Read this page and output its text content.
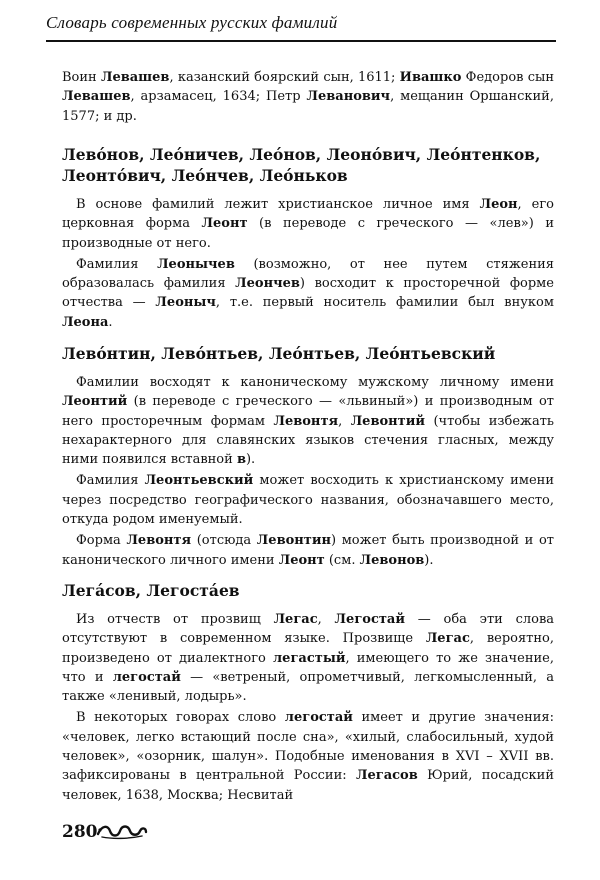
Словарь современных русских фамилий

Воин Левашев, казанский боярский сын, 1611; Ивашко Федоров сын Левашев, арзамасец, 1634; Петр Леванович, мещанин Оршанский, 1577; и др.

Лево́нов, Лео́ничев, Лео́нов, Леоно́вич, Лео́нтенков, Леонто́вич, Лео́нчев, Лео́ньков

В основе фамилий лежит христианское личное имя Леон, его церковная форма Леонт (в переводе с греческого — «лев») и производные от него.

Фамилия Леонычев (возможно, от нее путем стяжения образовалась фамилия Леончев) восходит к просторечной форме отчества — Леоныч, т.е. первый носитель фамилии был внуком Леона.

Лево́нтин, Лево́нтьев, Лео́нтьев, Лео́нтьевский

Фамилии восходят к каноническому мужскому личному имени Леонтий (в переводе с греческого — «львиный») и производным от него просторечным формам Левонтя, Левонтий (чтобы избежать нехарактерного для славянских языков стечения гласных, между ними появился вставной в).

Фамилия Леонтьевский может восходить к христианскому имени через посредство географического названия, обозначавшего место, откуда родом именуемый.

Форма Левонтя (отсюда Левонтин) может быть производной и от канонического личного имени Леонт (см. Левонов).

Лега́сов, Легоста́ев

Из отчеств от прозвищ Легас, Легостай — оба эти слова отсутствуют в современном языке. Прозвище Легас, вероятно, произведено от диалектного легастый, имеющего то же значение, что и легостай — «ветреный, опрометчивый, легкомысленный, а также «ленивый, лодырь».

В некоторых говорах слово легостай имеет и другие значения: «человек, легко встающий после сна», «хилый, слабосильный, худой человек», «озорник, шалун». Подобные именования в XVI – XVII вв. зафиксированы в центральной России: Легасов Юрий, посадский человек, 1638, Москва; Несвитай

280
